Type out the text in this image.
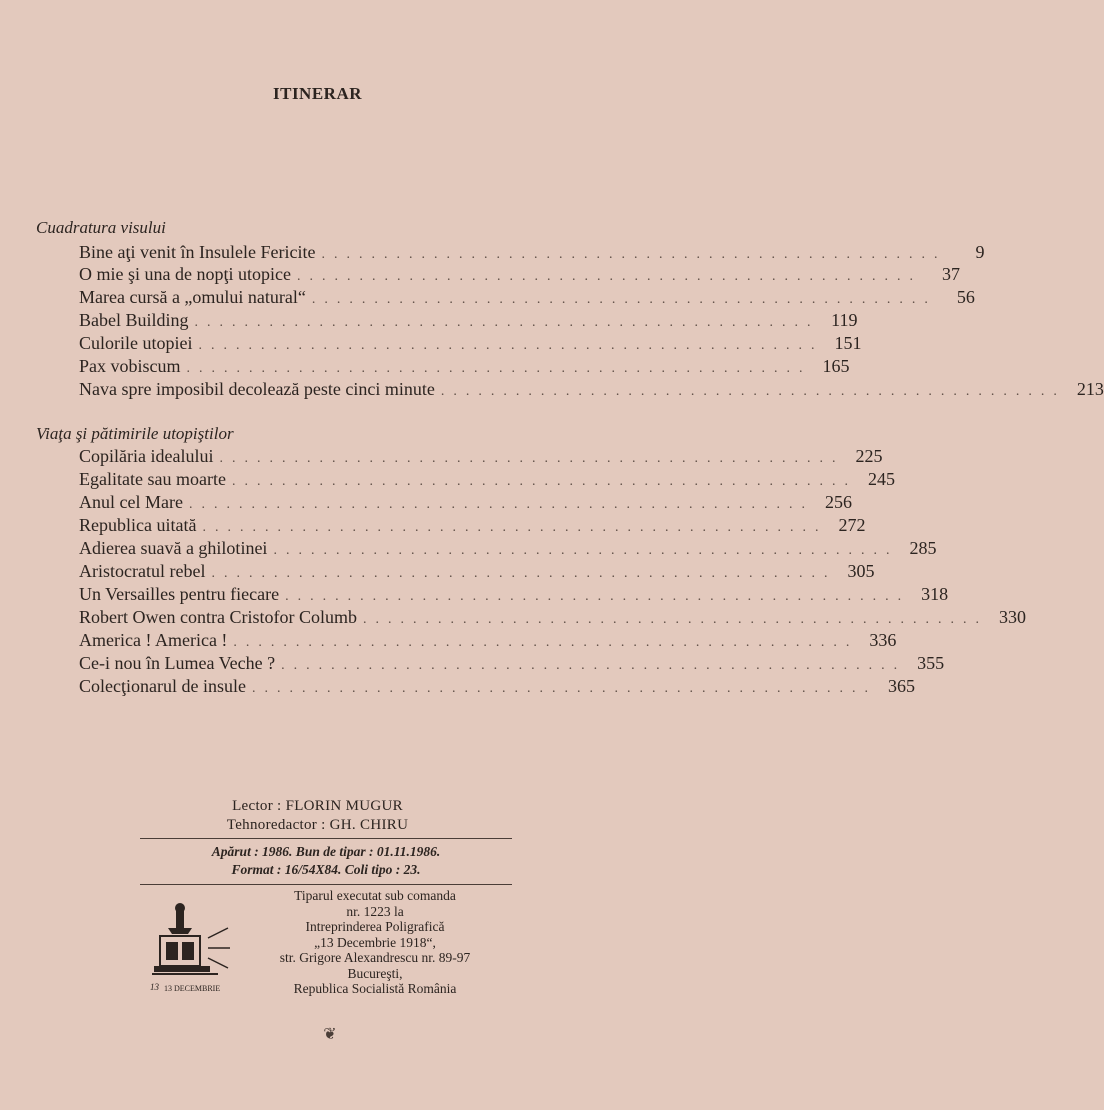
ITINERAR
Cuadratura visului
Bine aţi venit în Insulele Fericite ..................................................	9
O mie şi una de nopţi utopice ..................................................	37
Marea cursă a „omului natural“ ..................................................	56
Babel Building .................................................. 119
Culorile utopiei .................................................. 151
Pax vobiscum .................................................. 165
Nava spre imposibil decolează peste cinci minute .................................................. 213
Viaţa şi pătimirile utopiştilor
Copilăria idealului .................................................. 225
Egalitate sau moarte .................................................. 245
Anul cel Mare .................................................. 256
Republica uitată .................................................. 272
Adierea suavă a ghilotinei .................................................. 285
Aristocratul rebel .................................................. 305
Un Versailles pentru fiecare .................................................. 318
Robert Owen contra Cristofor Columb .................................................. 330
America ! America ! .................................................. 336
Ce-i nou în Lumea Veche ? .................................................. 355
Colecţionarul de insule .................................................. 365
Lector : FLORIN MUGUR
Tehnoredactor : GH. CHIRU
Apărut : 1986. Bun de tipar : 01.11.1986.
Format : 16/54X84. Coli tipo : 23.
13 13 DECEMBRIE
Tiparul executat sub comanda
nr. 1223 la
Intreprinderea Poligrafică
„13 Decembrie 1918“,
str. Grigore Alexandrescu nr. 89-97
Bucureşti,
Republica Socialistă România
❦
